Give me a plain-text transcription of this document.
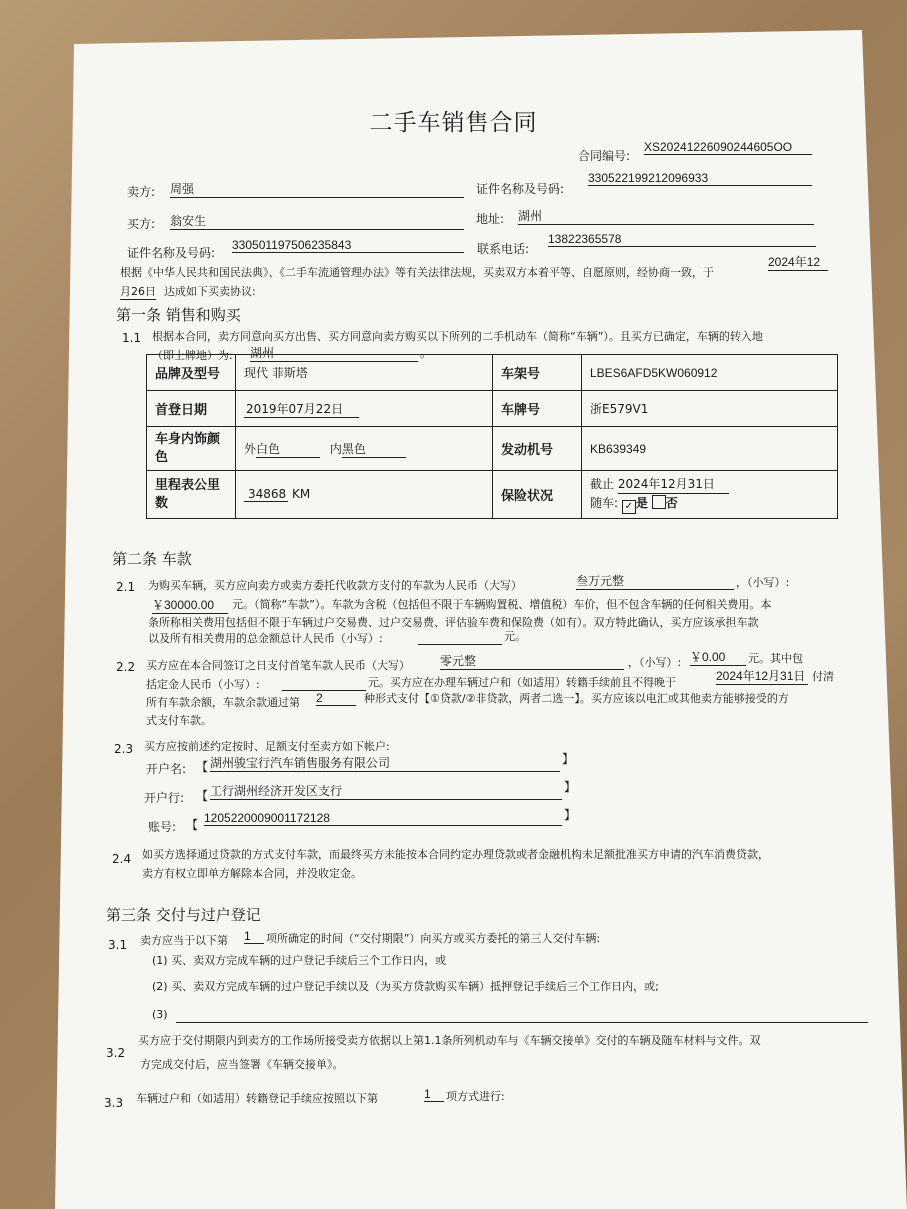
二手车销售合同
合同编号:
XS20241226090244605OO
卖方: 周强	证件名称及号码:
330522199212096933
买方: 翁安生	地址: 湖州
证件名称及号码:
330501197506235843	联系电话:
13822365578
根据《中华人民共和国民法典》、《二手车流通管理办法》等有关法律法规，买卖双方本着平等、自愿原则，经协商一致，于
2024年12
月26日 达成如下买卖协议:
第一条 销售和购买
1.1 根据本合同，卖方同意向买方出售、买方同意向卖方购买以下所列的二手机动车（简称“车辆”）。且买方已确定，车辆的转入地
（即上牌地）为: 湖州	。
品牌及型号	现代 菲斯塔	车架号	LBES6AFD5KW060912
首登日期	2019年07月22日	车牌号	浙E579V1
车身内饰颜色	外白色 内黑色	发动机号	KB639349
里程表公里数	34868 KM	保险状况	截止 2024年12月31日
随车: ✓ 是 否
第二条 车款
2.1 为购买车辆，买方应向卖方或卖方委托代收款方支付的车款为人民币（大写）	叁万元整	，（小写）:
￥30000.00	元。（简称“车款”）。车款为含税（包括但不限于车辆购置税、增值税）车价，但不包含车辆的任何相关费用。本
条所称相关费用包括但不限于车辆过户交易费、过户交易费、评估验车费和保险费（如有）。双方特此确认，买方应该承担车款
以及所有相关费用的总金额总计人民币（小写）:	元。
2.2 买方应在本合同签订之日支付首笔车款人民币（大写）	零元整	，（小写）: ￥0.00	元。其中包
括定金人民币（小写）:	元。买方应在办理车辆过户和（如适用）转籍手续前且不得晚于	2024年12月31日 付清
所有车款余额，车款余款通过第 2	种形式支付【①贷款/②非贷款，两者二选一】。买方应该以电汇或其他卖方能够接受的方
式支付车款。
2.3 买方应按前述约定按时、足额支付至卖方如下帐户:
开户名: 【 湖州骏宝行汽车销售服务有限公司	】
开户行: 【 工行湖州经济开发区支行	】
账号: 【 1205220009001172128	】
2.4 如买方选择通过贷款的方式支付车款，而最终买方未能按本合同约定办理贷款或者金融机构未足额批准买方申请的汽车消费贷款，
卖方有权立即单方解除本合同，并没收定金。
第三条 交付与过户登记
3.1 卖方应当于以下第 1	项所确定的时间（“交付期限”）向买方或买方委托的第三人交付车辆:
(1) 买、卖双方完成车辆的过户登记手续后三个工作日内，或
(2) 买、卖双方完成车辆的过户登记手续以及（为买方贷款购买车辆）抵押登记手续后三个工作日内，或;
(3)
3.2
买方应于交付期限内到卖方的工作场所接受卖方依据以上第1.1条所列机动车与《车辆交接单》交付的车辆及随车材料与文件。双
方完成交付后，应当签署《车辆交接单》。
3.3 车辆过户和（如适用）转籍登记手续应按照以下第	1	项方式进行:
